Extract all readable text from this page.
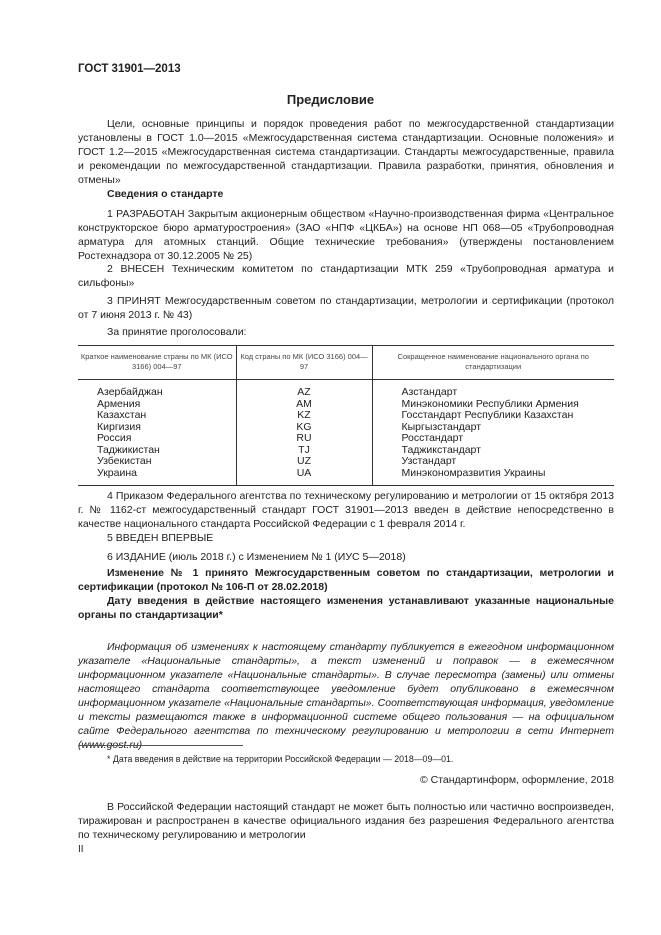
ГОСТ 31901—2013
Предисловие
Цели, основные принципы и порядок проведения работ по межгосударственной стандартизации установлены в ГОСТ 1.0—2015 «Межгосударственная система стандартизации. Основные положения» и ГОСТ 1.2—2015 «Межгосударственная система стандартизации. Стандарты межгосударственные, правила и рекомендации по межгосударственной стандартизации. Правила разработки, принятия, обновления и отмены»
Сведения о стандарте
1 РАЗРАБОТАН Закрытым акционерным обществом «Научно-производственная фирма «Центральное конструкторское бюро арматуростроения» (ЗАО «НПФ «ЦКБА») на основе НП 068—05 «Трубопроводная арматура для атомных станций. Общие технические требования» (утверждены постановлением Ростехнадзора от 30.12.2005 № 25)
2 ВНЕСЕН Техническим комитетом по стандартизации МТК 259 «Трубопроводная арматура и сильфоны»
3 ПРИНЯТ Межгосударственным советом по стандартизации, метрологии и сертификации (протокол от 7 июня 2013 г. № 43)
За принятие проголосовали:
Краткое наименование страны по МК (ИСО 3166) 004—97	Код страны по МК (ИСО 3166) 004—97	Сокращенное наименование национального органа по стандартизации
Азербайджан	AZ	Азстандарт
Армения	AM	Минэкономики Республики Армения
Казахстан	KZ	Госстандарт Республики Казахстан
Киргизия	KG	Кыргызстандарт
Россия	RU	Росстандарт
Таджикистан	TJ	Таджикстандарт
Узбекистан	UZ	Узстандарт
Украина	UA	Минэкономразвития Украины
4 Приказом Федерального агентства по техническому регулированию и метрологии от 15 октября 2013 г. № 1162-ст межгосударственный стандарт ГОСТ 31901—2013 введен в действие непосредственно в качестве национального стандарта Российской Федерации с 1 февраля 2014 г.
5 ВВЕДЕН ВПЕРВЫЕ
6 ИЗДАНИЕ (июль 2018 г.) с Изменением № 1 (ИУС 5—2018)
Изменение № 1 принято Межгосударственным советом по стандартизации, метрологии и сертификации (протокол № 106-П от 28.02.2018)
Дату введения в действие настоящего изменения устанавливают указанные национальные органы по стандартизации*
Информация об изменениях к настоящему стандарту публикуется в ежегодном информационном указателе «Национальные стандарты», а текст изменений и поправок — в ежемесячном информационном указателе «Национальные стандарты». В случае пересмотра (замены) или отмены настоящего стандарта соответствующее уведомление будет опубликовано в ежемесячном информационном указателе «Национальные стандарты». Соответствующая информация, уведомление и тексты размещаются также в информационной системе общего пользования — на официальном сайте Федерального агентства по техническому регулированию и метрологии в сети Интернет (www.gost.ru)
* Дата введения в действие на территории Российской Федерации — 2018—09—01.
© Стандартинформ, оформление, 2018
В Российской Федерации настоящий стандарт не может быть полностью или частично воспроизведен, тиражирован и распространен в качестве официального издания без разрешения Федерального агентства по техническому регулированию и метрологии
II
